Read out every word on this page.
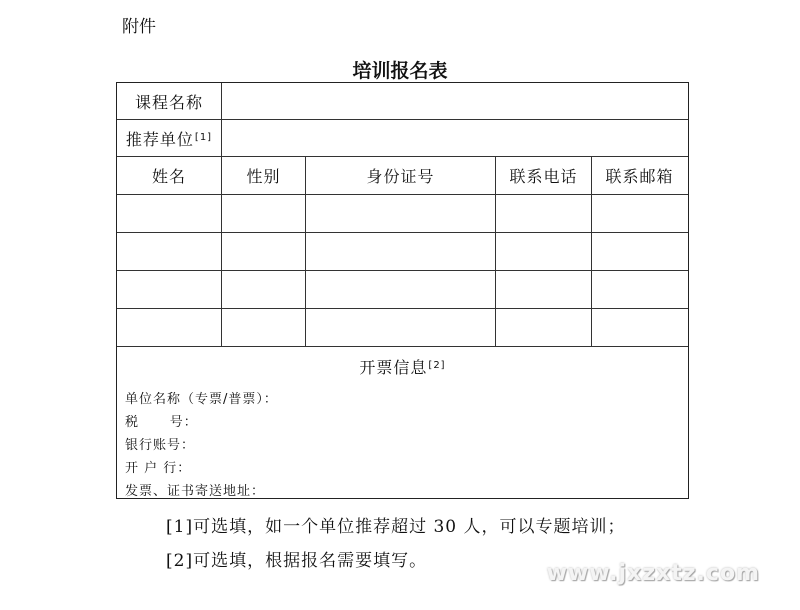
附件
培训报名表
课程名称
推荐单位 [1]
姓名	性别	身份证号	联系电话	联系邮箱
开票信息 [2]
单位名称（专票/普票）：
税      号：
银行账号：
开 户 行：
发票、证书寄送地址：
[1]可选填，如一个单位推荐超过 30 人，可以专题培训；
[2]可选填，根据报名需要填写。	www.jxzxtz.com
